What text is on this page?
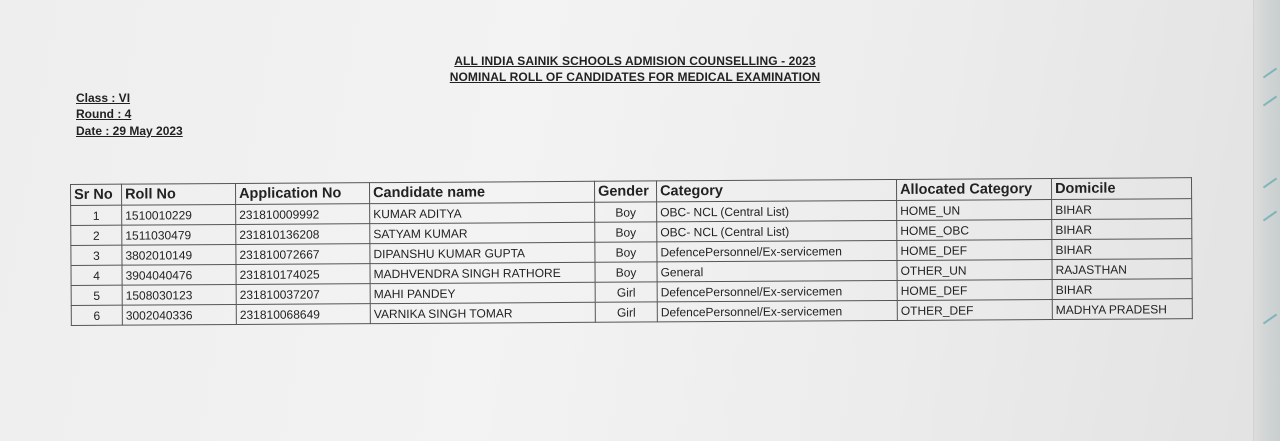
ALL INDIA SAINIK SCHOOLS ADMISION COUNSELLING - 2023
NOMINAL ROLL OF CANDIDATES FOR MEDICAL EXAMINATION
Class : VI
Round : 4
Date : 29 May 2023
Sr No	Roll No	Application No	Candidate name	Gender	Category	Allocated Category	Domicile
1	1510010229	231810009992	KUMAR ADITYA	Boy	OBC- NCL (Central List)	HOME_UN	BIHAR
2	1511030479	231810136208	SATYAM KUMAR	Boy	OBC- NCL (Central List)	HOME_OBC	BIHAR
3	3802010149	231810072667	DIPANSHU KUMAR GUPTA	Boy	DefencePersonnel/Ex-servicemen	HOME_DEF	BIHAR
4	3904040476	231810174025	MADHVENDRA SINGH RATHORE	Boy	General	OTHER_UN	RAJASTHAN
5	1508030123	231810037207	MAHI PANDEY	Girl	DefencePersonnel/Ex-servicemen	HOME_DEF	BIHAR
6	3002040336	231810068649	VARNIKA SINGH TOMAR	Girl	DefencePersonnel/Ex-servicemen	OTHER_DEF	MADHYA PRADESH
